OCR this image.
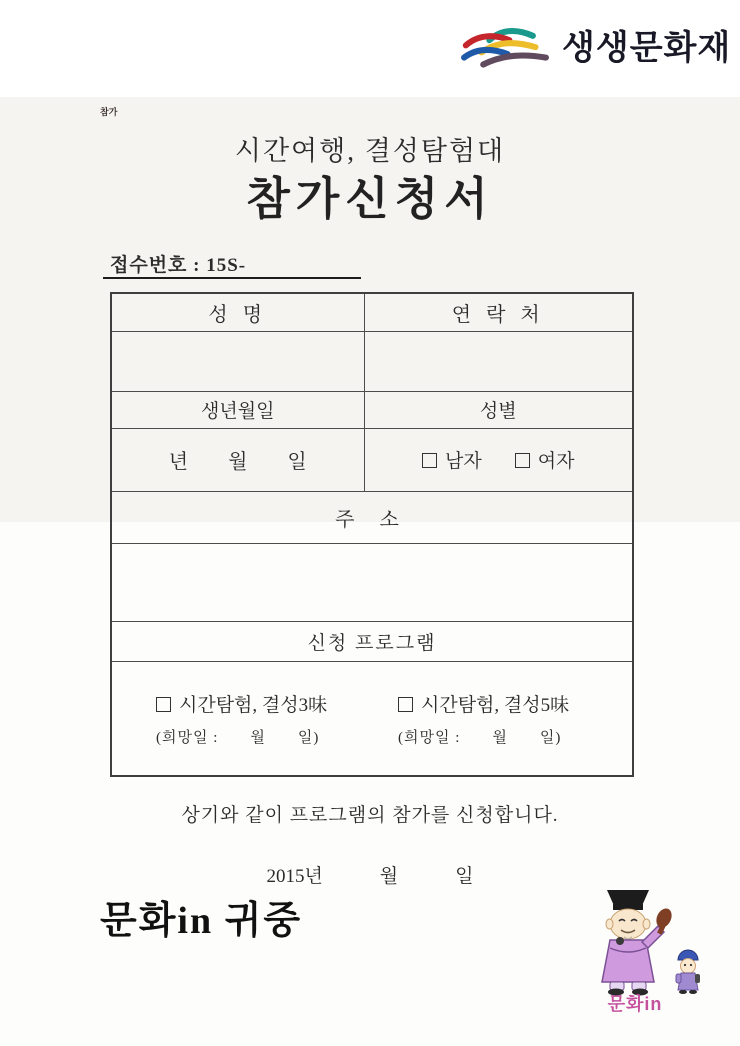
생생문화재
참가
시간여행, 결성탐험대
참가신청서
접수번호 : 15S-
성 명	연 락 처

생년월일	성별
년　　월　　일	남자 여자
주 소	

신청 프로그램	

시간탐험, 결성3味
(희망일 :　　월　　일)
시간탐험, 결성5味
(희망일 :　　월　　일)	
상기와 같이 프로그램의 참가를 신청합니다.
2015년　　　월　　　일
문화in 귀중
문화in
